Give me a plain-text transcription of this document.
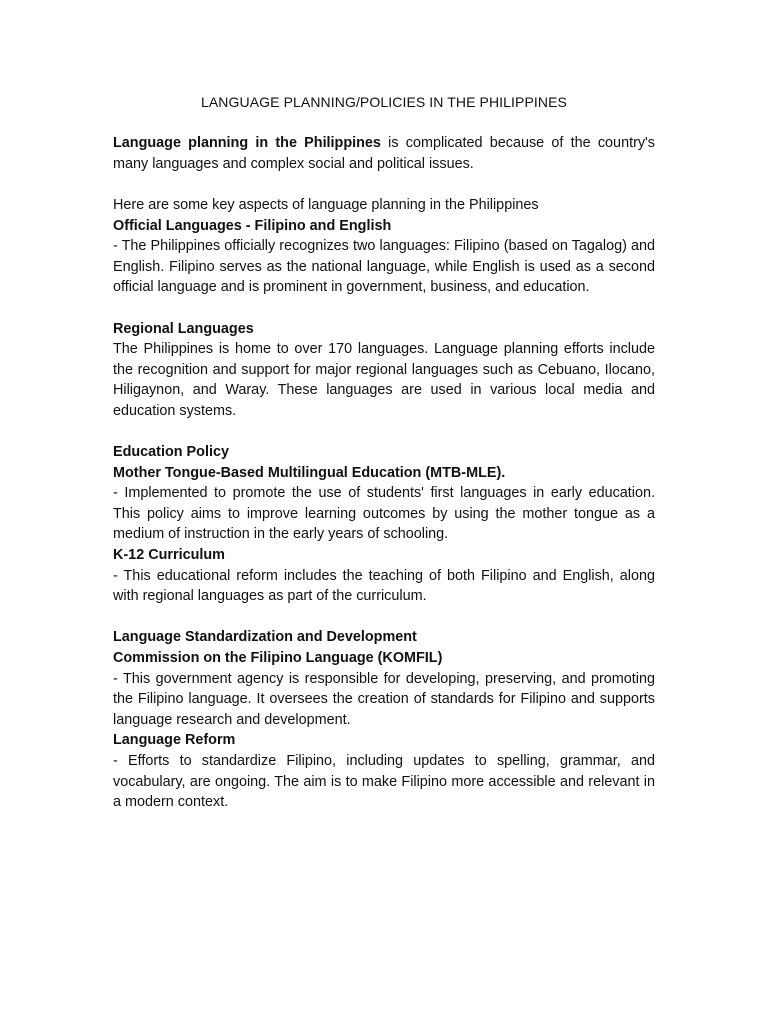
LANGUAGE PLANNING/POLICIES IN THE PHILIPPINES

Language planning in the Philippines is complicated because of the country's many languages and complex social and political issues.

Here are some key aspects of language planning in the Philippines

Official Languages - Filipino and English

- The Philippines officially recognizes two languages: Filipino (based on Tagalog) and English. Filipino serves as the national language, while English is used as a second official language and is prominent in government, business, and education.

Regional Languages

The Philippines is home to over 170 languages. Language planning efforts include the recognition and support for major regional languages such as Cebuano, Ilocano, Hiligaynon, and Waray. These languages are used in various local media and education systems.

Education Policy

Mother Tongue-Based Multilingual Education (MTB-MLE).

- Implemented to promote the use of students' first languages in early education. This policy aims to improve learning outcomes by using the mother tongue as a medium of instruction in the early years of schooling.

K-12 Curriculum

- This educational reform includes the teaching of both Filipino and English, along with regional languages as part of the curriculum.

Language Standardization and Development

Commission on the Filipino Language (KOMFIL)

- This government agency is responsible for developing, preserving, and promoting the Filipino language. It oversees the creation of standards for Filipino and supports language research and development.

Language Reform

- Efforts to standardize Filipino, including updates to spelling, grammar, and vocabulary, are ongoing. The aim is to make Filipino more accessible and relevant in a modern context.
